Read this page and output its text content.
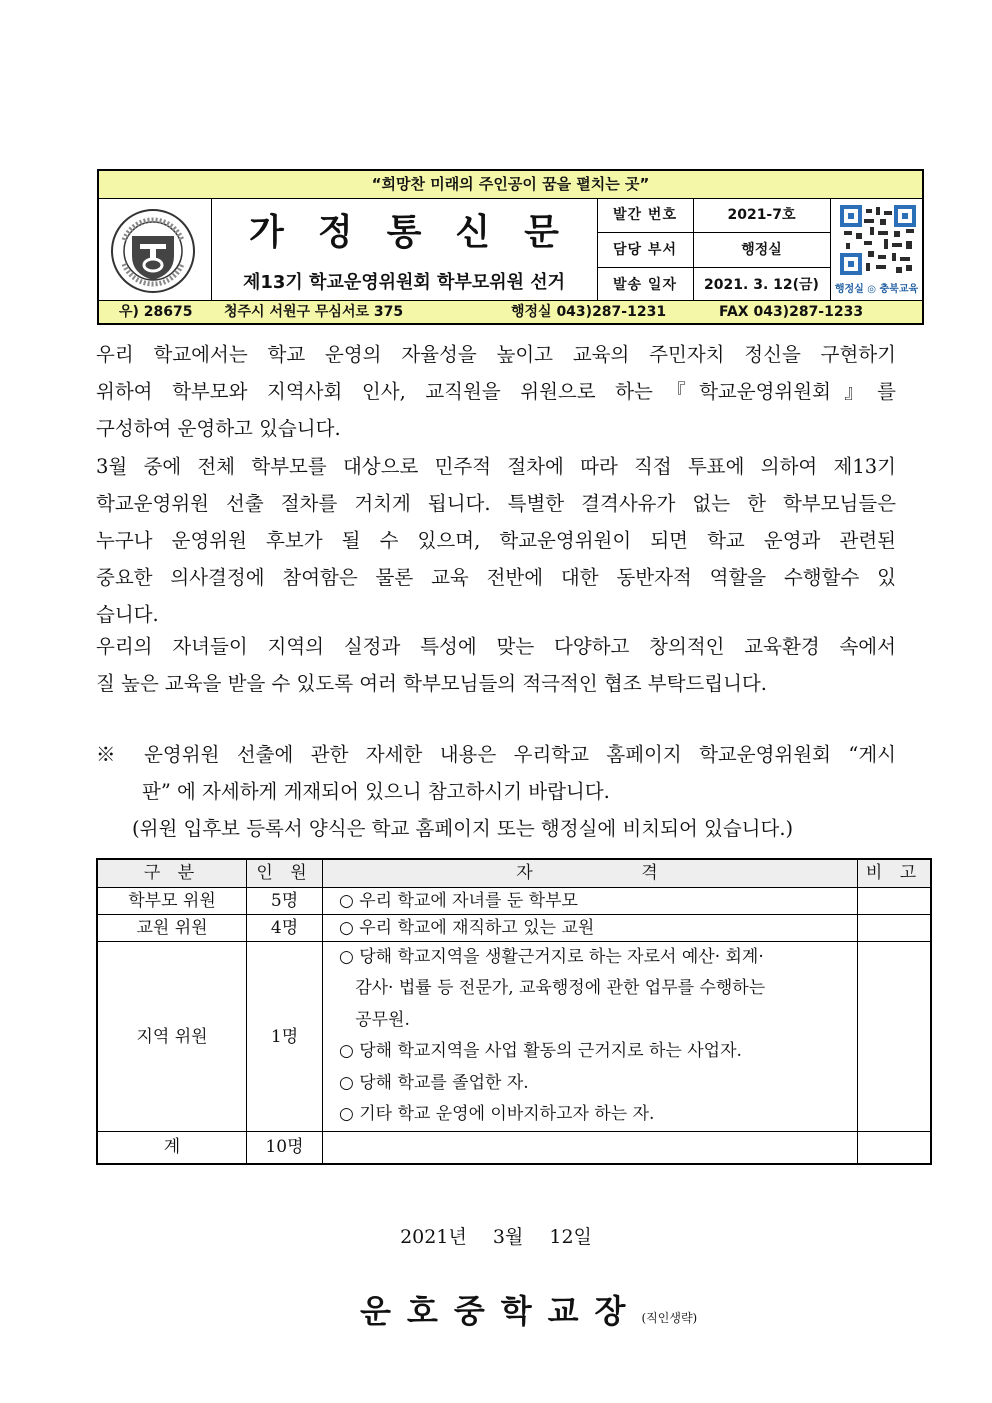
“희망찬 미래의 주인공이 꿈을 펼치는 곳”
가정통신문
제13기 학교운영위원회 학부모위원 선거
발간 번호	2021-7호
담당 부서	행정실
발송 일자	2021. 3. 12(금)	행정실 ◎ 충북교육
우) 28675 청주시 서원구 무심서로 375	행정실 043)287-1231	FAX 043)287-1233
우리 학교에서는 학교 운영의 자율성을 높이고 교육의 주민자치 정신을 구현하기
위하여 학부모와 지역사회 인사, 교직원을 위원으로 하는『학교운영위원회』를
구성하여 운영하고 있습니다.
3월 중에 전체 학부모를 대상으로 민주적 절차에 따라 직접 투표에 의하여 제13기
학교운영위원 선출 절차를 거치게 됩니다. 특별한 결격사유가 없는 한 학부모님들은
누구나 운영위원 후보가 될 수 있으며, 학교운영위원이 되면 학교 운영과 관련된
중요한 의사결정에 참여함은 물론 교육 전반에 대한 동반자적 역할을 수행할수 있
습니다.
우리의 자녀들이 지역의 실정과 특성에 맞는 다양하고 창의적인 교육환경 속에서
질 높은 교육을 받을 수 있도록 여러 학부모님들의 적극적인 협조 부탁드립니다.
※ 운영위원 선출에 관한 자세한 내용은 우리학교 홈페이지 학교운영위원회 “게시
판” 에 자세하게 게재되어 있으니 참고하시기 바랍니다.
(위원 입후보 등록서 양식은 학교 홈페이지 또는 행정실에 비치되어 있습니다.)
구 분	인 원	자         격	비 고
학부모 위원	5명	○ 우리 학교에 자녀를 둔 학부모
교원 위원	4명	○ 우리 학교에 재직하고 있는 교원
지역 위원	1명
○ 당해 학교지역을 생활근거지로 하는 자로서 예산· 회계·
감사· 법률 등 전문가, 교육행정에 관한 업무를 수행하는
공무원.
○ 당해 학교지역을 사업 활동의 근거지로 하는 사업자.
○ 당해 학교를 졸업한 자.
○ 기타 학교 운영에 이바지하고자 하는 자.
계	10명
2021년 3월 12일
운호중학교장(직인생략)
